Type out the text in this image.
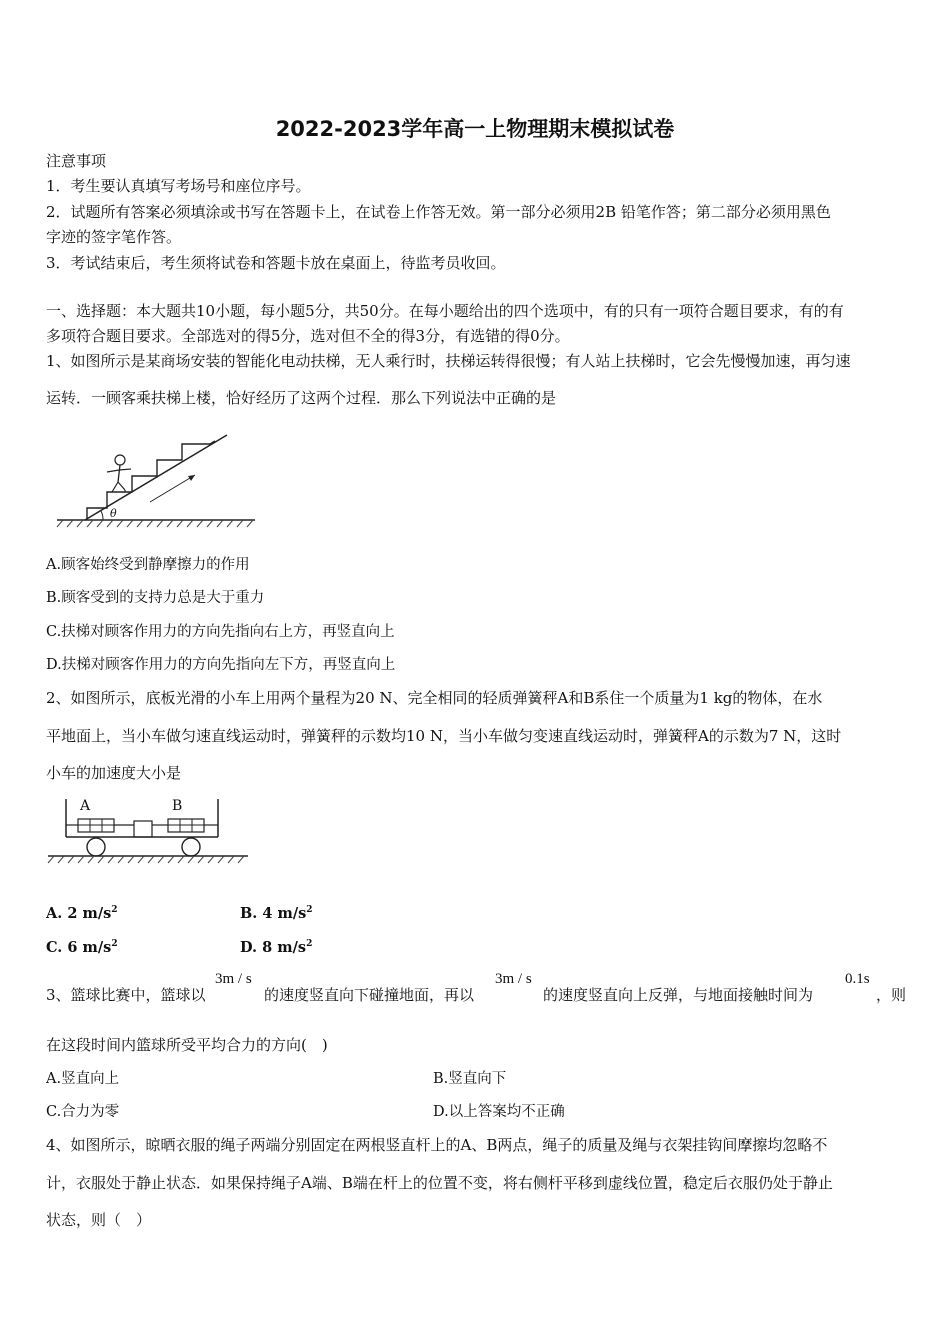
2022-2023学年高一上物理期末模拟试卷
注意事项
1．考生要认真填写考场号和座位序号。
2．试题所有答案必须填涂或书写在答题卡上，在试卷上作答无效。第一部分必须用2B 铅笔作答；第二部分必须用黑色
字迹的签字笔作答。
3．考试结束后，考生须将试卷和答题卡放在桌面上，待监考员收回。
一、选择题：本大题共10小题，每小题5分，共50分。在每小题给出的四个选项中，有的只有一项符合题目要求，有的有
多项符合题目要求。全部选对的得5分，选对但不全的得3分，有选错的得0分。
1、如图所示是某商场安装的智能化电动扶梯，无人乘行时，扶梯运转得很慢；有人站上扶梯时，它会先慢慢加速，再匀速
运转．一顾客乘扶梯上楼，恰好经历了这两个过程．那么下列说法中正确的是
θ
A.顾客始终受到静摩擦力的作用
B.顾客受到的支持力总是大于重力
C.扶梯对顾客作用力的方向先指向右上方，再竖直向上
D.扶梯对顾客作用力的方向先指向左下方，再竖直向上
2、如图所示，底板光滑的小车上用两个量程为20 N、完全相同的轻质弹簧秤A和B系住一个质量为1 kg的物体，在水
平地面上，当小车做匀速直线运动时，弹簧秤的示数均10 N，当小车做匀变速直线运动时，弹簧秤A的示数为7 N，这时
小车的加速度大小是
A	B
A. 2 $m/s^2$	B. 4 $m/s^2$
C. 6 $m/s^2$	D. 8 $m/s^2$
3、篮球比赛中，篮球以
3m / s
的速度竖直向下碰撞地面，再以
3m / s
的速度竖直向上反弹，与地面接触时间为
0.1s
，则
在这段时间内篮球所受平均合力的方向(　)
A.竖直向上	B.竖直向下
C.合力为零	D.以上答案均不正确
4、如图所示，晾晒衣服的绳子两端分别固定在两根竖直杆上的A、B两点，绳子的质量及绳与衣架挂钩间摩擦均忽略不
计，衣服处于静止状态．如果保持绳子A端、B端在杆上的位置不变，将右侧杆平移到虚线位置，稳定后衣服仍处于静止
状态，则（　）
